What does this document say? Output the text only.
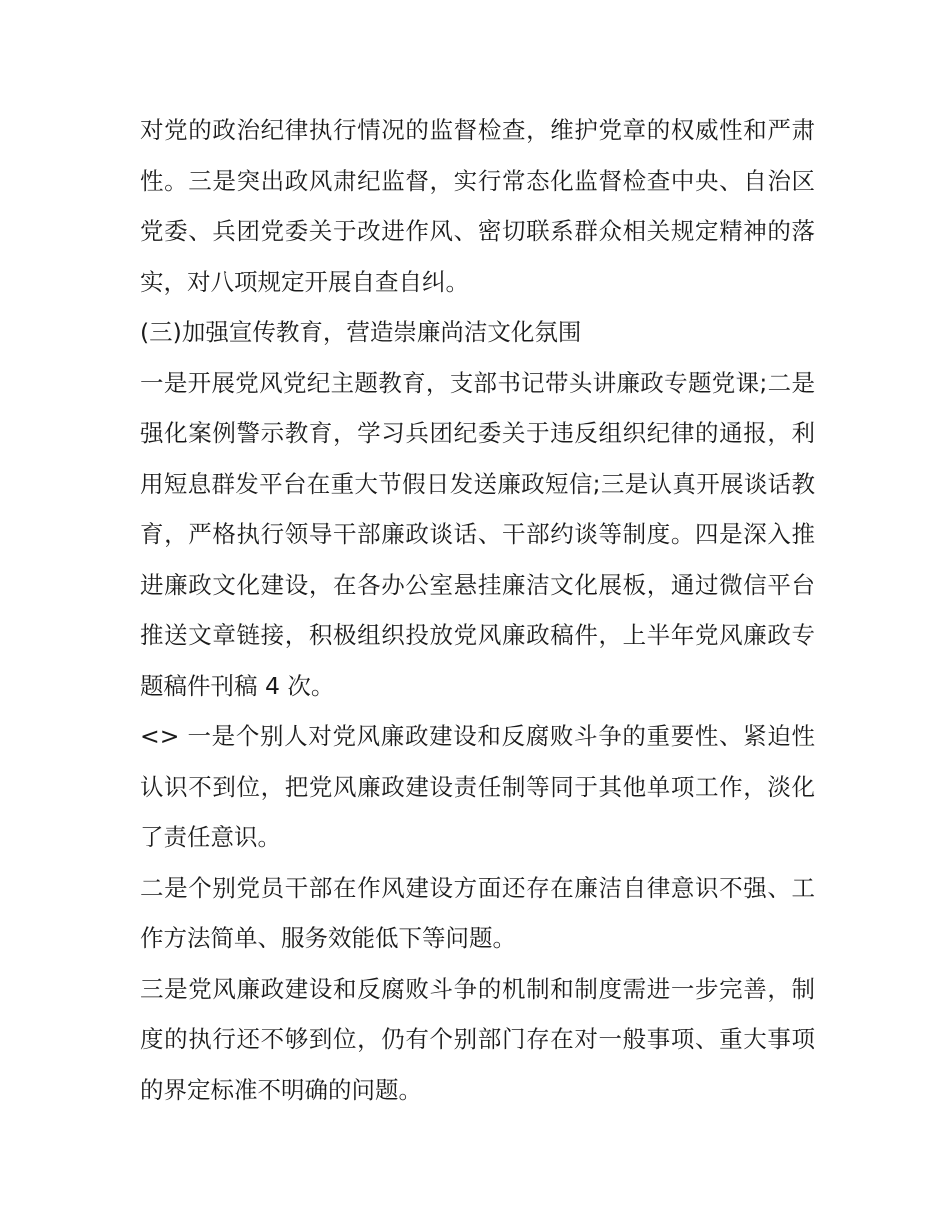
对党的政治纪律执行情况的监督检查，维护党章的权威性和严肃性。三是突出政风肃纪监督，实行常态化监督检查中央、自治区党委、兵团党委关于改进作风、密切联系群众相关规定精神的落实，对八项规定开展自查自纠。

(三)加强宣传教育，营造崇廉尚洁文化氛围

一是开展党风党纪主题教育，支部书记带头讲廉政专题党课;二是强化案例警示教育，学习兵团纪委关于违反组织纪律的通报，利用短息群发平台在重大节假日发送廉政短信;三是认真开展谈话教育，严格执行领导干部廉政谈话、干部约谈等制度。四是深入推进廉政文化建设，在各办公室悬挂廉洁文化展板，通过微信平台推送文章链接，积极组织投放党风廉政稿件，上半年党风廉政专题稿件刊稿 4 次。

<> 一是个别人对党风廉政建设和反腐败斗争的重要性、紧迫性认识不到位，把党风廉政建设责任制等同于其他单项工作，淡化了责任意识。

二是个别党员干部在作风建设方面还存在廉洁自律意识不强、工作方法简单、服务效能低下等问题。

三是党风廉政建设和反腐败斗争的机制和制度需进一步完善，制度的执行还不够到位，仍有个别部门存在对一般事项、重大事项的界定标准不明确的问题。
